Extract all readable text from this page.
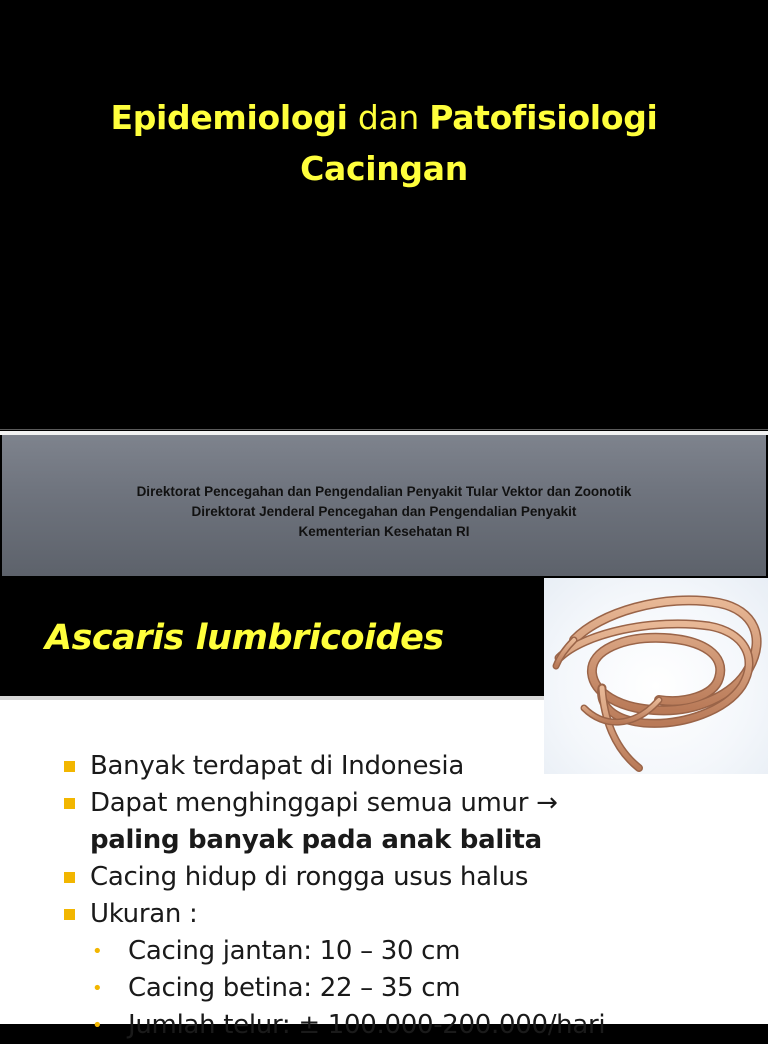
Epidemiologi dan Patofisiologi
Cacingan
Direktorat Pencegahan dan Pengendalian Penyakit Tular Vektor dan Zoonotik
Direktorat Jenderal Pencegahan dan Pengendalian Penyakit
Kementerian Kesehatan RI
Ascaris lumbricoides
Banyak terdapat di Indonesia
Dapat menghinggapi semua umur →
paling banyak pada anak balita
Cacing hidup di rongga usus halus
Ukuran :
• Cacing jantan: 10 – 30 cm
• Cacing betina: 22 – 35 cm
• Jumlah telur: ± 100.000-200.000/hari
